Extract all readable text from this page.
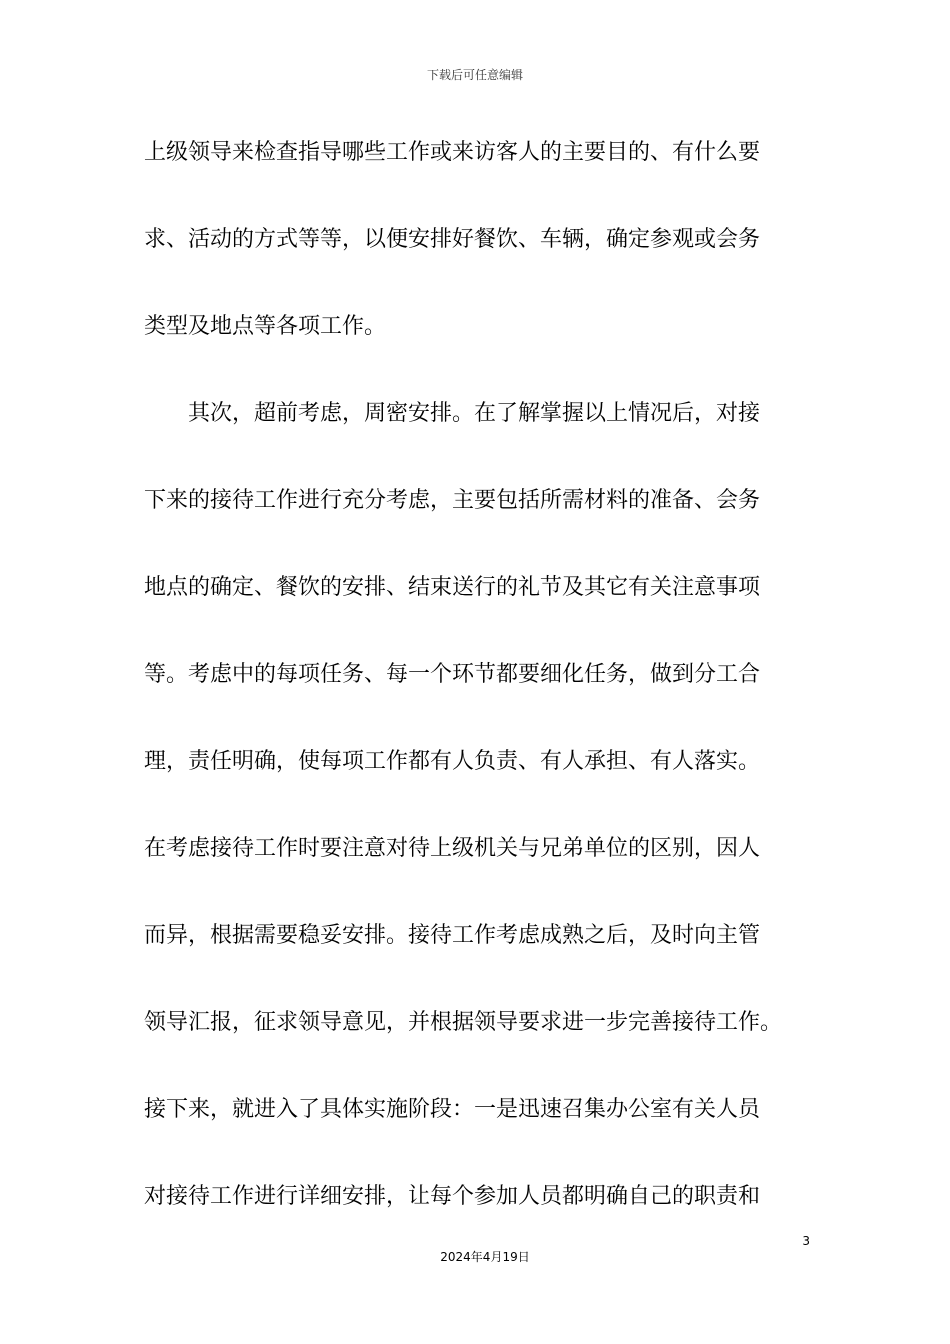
下载后可任意编辑
上级领导来检查指导哪些工作或来访客人的主要目的、有什么要
求、活动的方式等等，以便安排好餐饮、车辆，确定参观或会务
类型及地点等各项工作。
　　其次，超前考虑，周密安排。在了解掌握以上情况后，对接
下来的接待工作进行充分考虑，主要包括所需材料的准备、会务
地点的确定、餐饮的安排、结束送行的礼节及其它有关注意事项
等。考虑中的每项任务、每一个环节都要细化任务，做到分工合
理，责任明确，使每项工作都有人负责、有人承担、有人落实。
在考虑接待工作时要注意对待上级机关与兄弟单位的区别，因人
而异，根据需要稳妥安排。接待工作考虑成熟之后，及时向主管
领导汇报，征求领导意见，并根据领导要求进一步完善接待工作。
接下来，就进入了具体实施阶段：一是迅速召集办公室有关人员
对接待工作进行详细安排，让每个参加人员都明确自己的职责和
3
2024年4月19日
